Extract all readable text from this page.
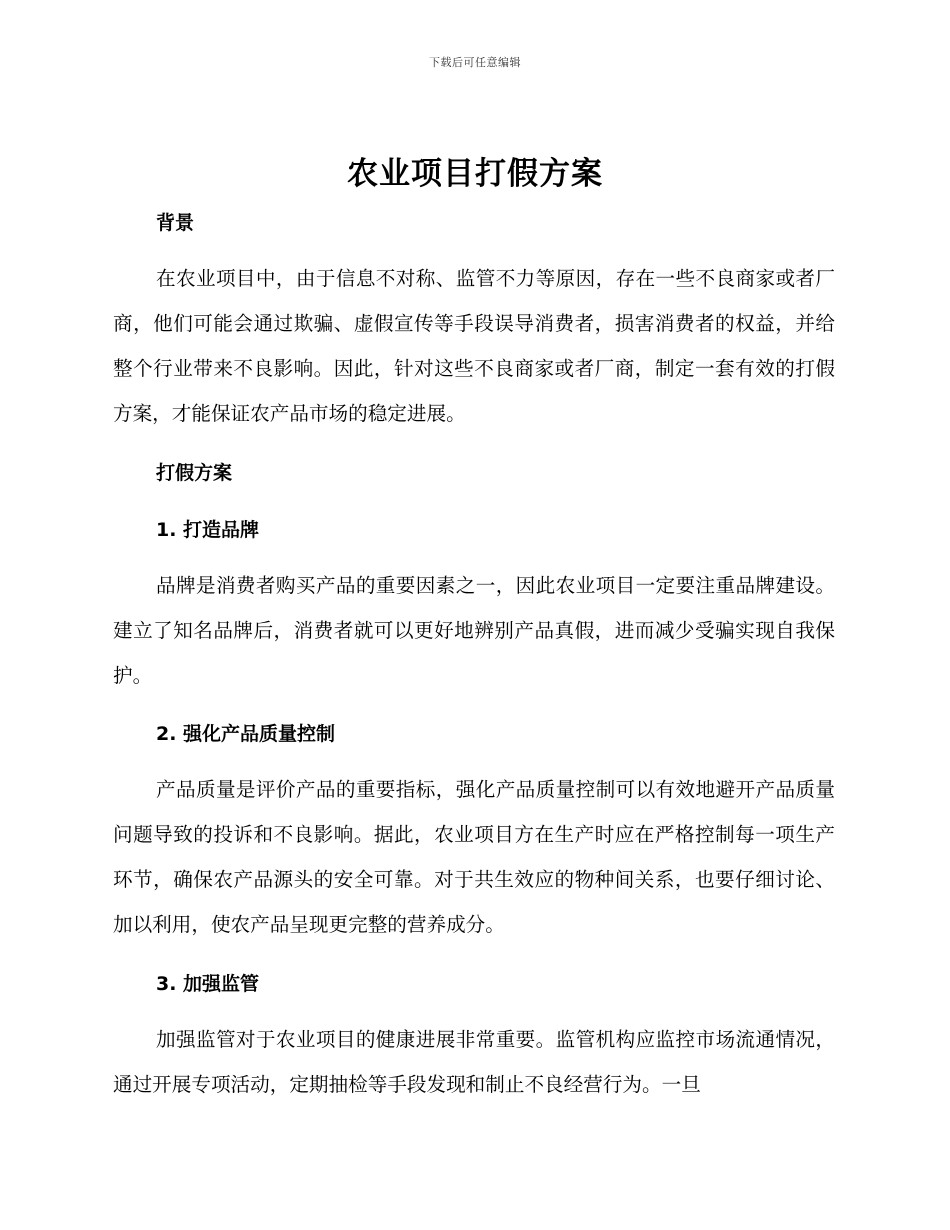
下载后可任意编辑
农业项目打假方案
背景

在农业项目中，由于信息不对称、监管不力等原因，存在一些不良商家或者厂商，他们可能会通过欺骗、虚假宣传等手段误导消费者，损害消费者的权益，并给整个行业带来不良影响。因此，针对这些不良商家或者厂商，制定一套有效的打假方案，才能保证农产品市场的稳定进展。

打假方案
1. 打造品牌

品牌是消费者购买产品的重要因素之一，因此农业项目一定要注重品牌建设。建立了知名品牌后，消费者就可以更好地辨别产品真假，进而减少受骗实现自我保护。

2. 强化产品质量控制

产品质量是评价产品的重要指标，强化产品质量控制可以有效地避开产品质量问题导致的投诉和不良影响。据此，农业项目方在生产时应在严格控制每一项生产环节，确保农产品源头的安全可靠。对于共生效应的物种间关系，也要仔细讨论、加以利用，使农产品呈现更完整的营养成分。

3. 加强监管

加强监管对于农业项目的健康进展非常重要。监管机构应监控市场流通情况，通过开展专项活动，定期抽检等手段发现和制止不良经营行为。一旦
